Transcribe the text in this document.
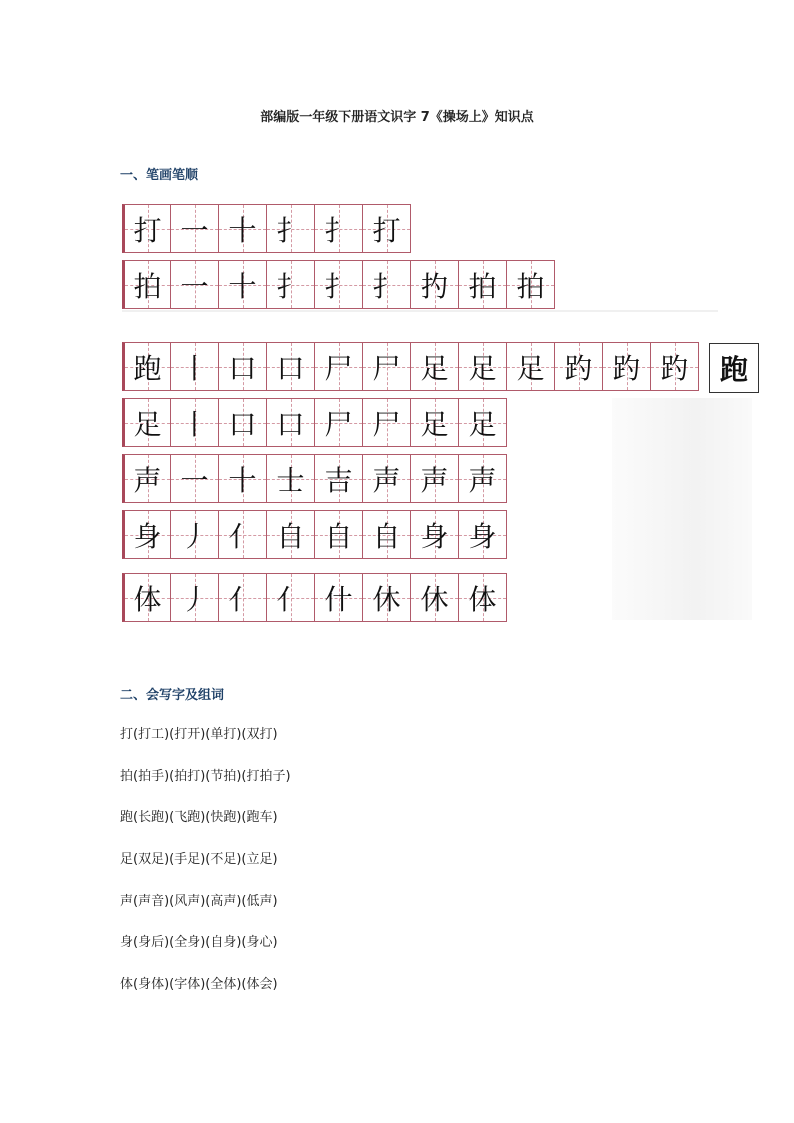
部编版一年级下册语文识字 7《操场上》知识点
一、笔画笔顺
打 一 十 扌 扌 打
拍 一 十 扌 扌 扌 扚 拍 拍
跑 丨 口 口 尸 尸 足 足 足 趵 趵 趵	跑
足 丨 口 口 尸 尸 足 足
声 一 十 士 吉 声 声 声
身 丿 亻 自 自 自 身 身
体 丿 亻 亻 什 休 休 体
二、会写字及组词
打(打工)(打开)(单打)(双打)
拍(拍手)(拍打)(节拍)(打拍子)
跑(长跑)(飞跑)(快跑)(跑车)
足(双足)(手足)(不足)(立足)
声(声音)(风声)(高声)(低声)
身(身后)(全身)(自身)(身心)
体(身体)(字体)(全体)(体会)
